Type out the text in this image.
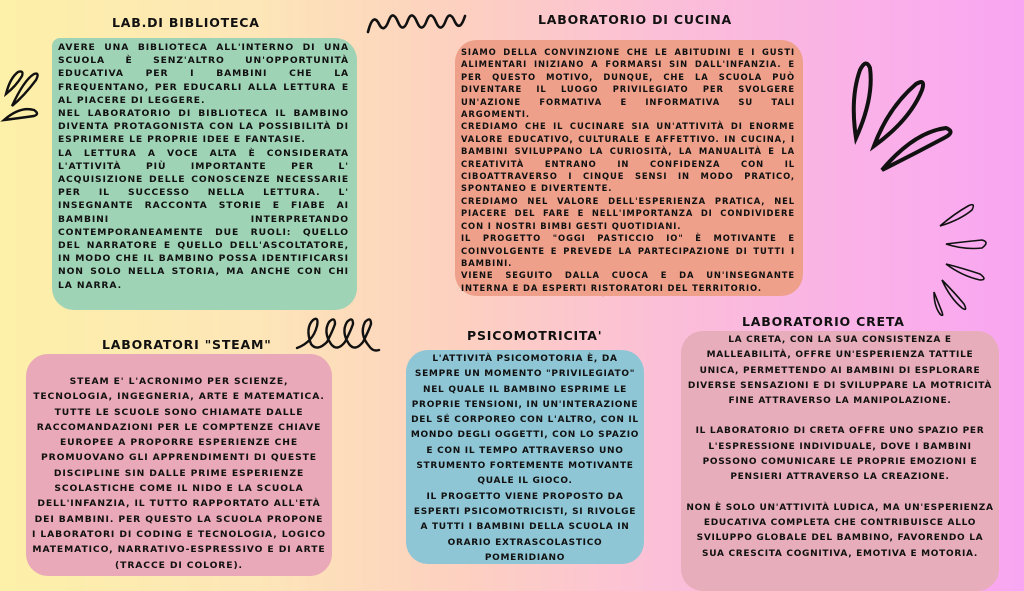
LAB.DI BIBLIOTECA

AVERE UNA BIBLIOTECA ALL'INTERNO DI UNA SCUOLA È SENZ'ALTRO UN'OPPORTUNITÀ EDUCATIVA PER I BAMBINI CHE LA FREQUENTANO, PER EDUCARLI ALLA LETTURA E AL PIACERE DI LEGGERE.

NEL LABORATORIO DI BIBLIOTECA IL BAMBINO DIVENTA PROTAGONISTA CON LA POSSIBILITÀ DI ESPRIMERE LE PROPRIE IDEE E FANTASIE.

LA LETTURA A VOCE ALTA È CONSIDERATA L'ATTIVITÀ PIÙ IMPORTANTE PER L' ACQUISIZIONE DELLE CONOSCENZE NECESSARIE PER IL SUCCESSO NELLA LETTURA. L' INSEGNANTE RACCONTA STORIE E FIABE AI BAMBINI INTERPRETANDO CONTEMPORANEAMENTE DUE RUOLI: QUELLO DEL NARRATORE E QUELLO DELL'ASCOLTATORE, IN MODO CHE IL BAMBINO POSSA IDENTIFICARSI NON SOLO NELLA STORIA, MA ANCHE CON CHI LA NARRA.

LABORATORIO DI CUCINA

SIAMO DELLA CONVINZIONE CHE LE ABITUDINI E I GUSTI ALIMENTARI INIZIANO A FORMARSI SIN DALL'INFANZIA. E PER QUESTO MOTIVO, DUNQUE, CHE LA SCUOLA PUÒ DIVENTARE IL LUOGO PRIVILEGIATO PER SVOLGERE UN'AZIONE FORMATIVA E INFORMATIVA SU TALI ARGOMENTI.

CREDIAMO CHE IL CUCINARE SIA UN'ATTIVITÀ DI ENORME VALORE EDUCATIVO, CULTURALE E AFFETTIVO. IN CUCINA, I BAMBINI SVILUPPANO LA CURIOSITÀ, LA MANUALITÀ E LA CREATIVITÀ ENTRANO IN CONFIDENZA CON IL CIBOATTRAVERSO I CINQUE SENSI IN MODO PRATICO, SPONTANEO E DIVERTENTE.

CREDIAMO NEL VALORE DELL'ESPERIENZA PRATICA, NEL PIACERE DEL FARE E NELL'IMPORTANZA DI CONDIVIDERE CON I NOSTRI BIMBI GESTI QUOTIDIANI.

IL PROGETTO "OGGI PASTICCIO IO" È MOTIVANTE E COINVOLGENTE E PREVEDE LA PARTECIPAZIONE DI TUTTI I BAMBINI.

VIENE SEGUITO DALLA CUOCA E DA UN'INSEGNANTE INTERNA E DA ESPERTI RISTORATORI DEL TERRITORIO.

LABORATORI "STEAM"

STEAM E' L'ACRONIMO PER SCIENZE, TECNOLOGIA, INGEGNERIA, ARTE E MATEMATICA. TUTTE LE SCUOLE SONO CHIAMATE DALLE RACCOMANDAZIONI PER LE COMPTENZE CHIAVE EUROPEE A PROPORRE ESPERIENZE CHE PROMUOVANO GLI APPRENDIMENTI DI QUESTE DISCIPLINE SIN DALLE PRIME ESPERIENZE SCOLASTICHE COME IL NIDO E LA SCUOLA DELL'INFANZIA, IL TUTTO RAPPORTATO ALL'ETÀ DEI BAMBINI. PER QUESTO LA SCUOLA PROPONE I LABORATORI DI CODING E TECNOLOGIA, LOGICO MATEMATICO, NARRATIVO-ESPRESSIVO E DI ARTE (TRACCE DI COLORE).

PSICOMOTRICITA'

L'ATTIVITÀ PSICOMOTORIA È, DA SEMPRE UN MOMENTO "PRIVILEGIATO" NEL QUALE IL BAMBINO ESPRIME LE PROPRIE TENSIONI, IN UN'INTERAZIONE DEL SÉ CORPOREO CON L'ALTRO, CON IL MONDO DEGLI OGGETTI, CON LO SPAZIO E CON IL TEMPO ATTRAVERSO UNO STRUMENTO FORTEMENTE MOTIVANTE QUALE IL GIOCO.

IL PROGETTO VIENE PROPOSTO DA ESPERTI PSICOMOTRICISTI, SI RIVOLGE A TUTTI I BAMBINI DELLA SCUOLA IN ORARIO EXTRASCOLASTICO POMERIDIANO

LABORATORIO CRETA

LA CRETA, CON LA SUA CONSISTENZA E MALLEABILITÀ, OFFRE UN'ESPERIENZA TATTILE UNICA, PERMETTENDO AI BAMBINI DI ESPLORARE DIVERSE SENSAZIONI E DI SVILUPPARE LA MOTRICITÀ FINE ATTRAVERSO LA MANIPOLAZIONE.

IL LABORATORIO DI CRETA OFFRE UNO SPAZIO PER L'ESPRESSIONE INDIVIDUALE, DOVE I BAMBINI POSSONO COMUNICARE LE PROPRIE EMOZIONI E PENSIERI ATTRAVERSO LA CREAZIONE.

NON È SOLO UN'ATTIVITÀ LUDICA, MA UN'ESPERIENZA EDUCATIVA COMPLETA CHE CONTRIBUISCE ALLO SVILUPPO GLOBALE DEL BAMBINO, FAVORENDO LA SUA CRESCITA COGNITIVA, EMOTIVA E MOTORIA.
